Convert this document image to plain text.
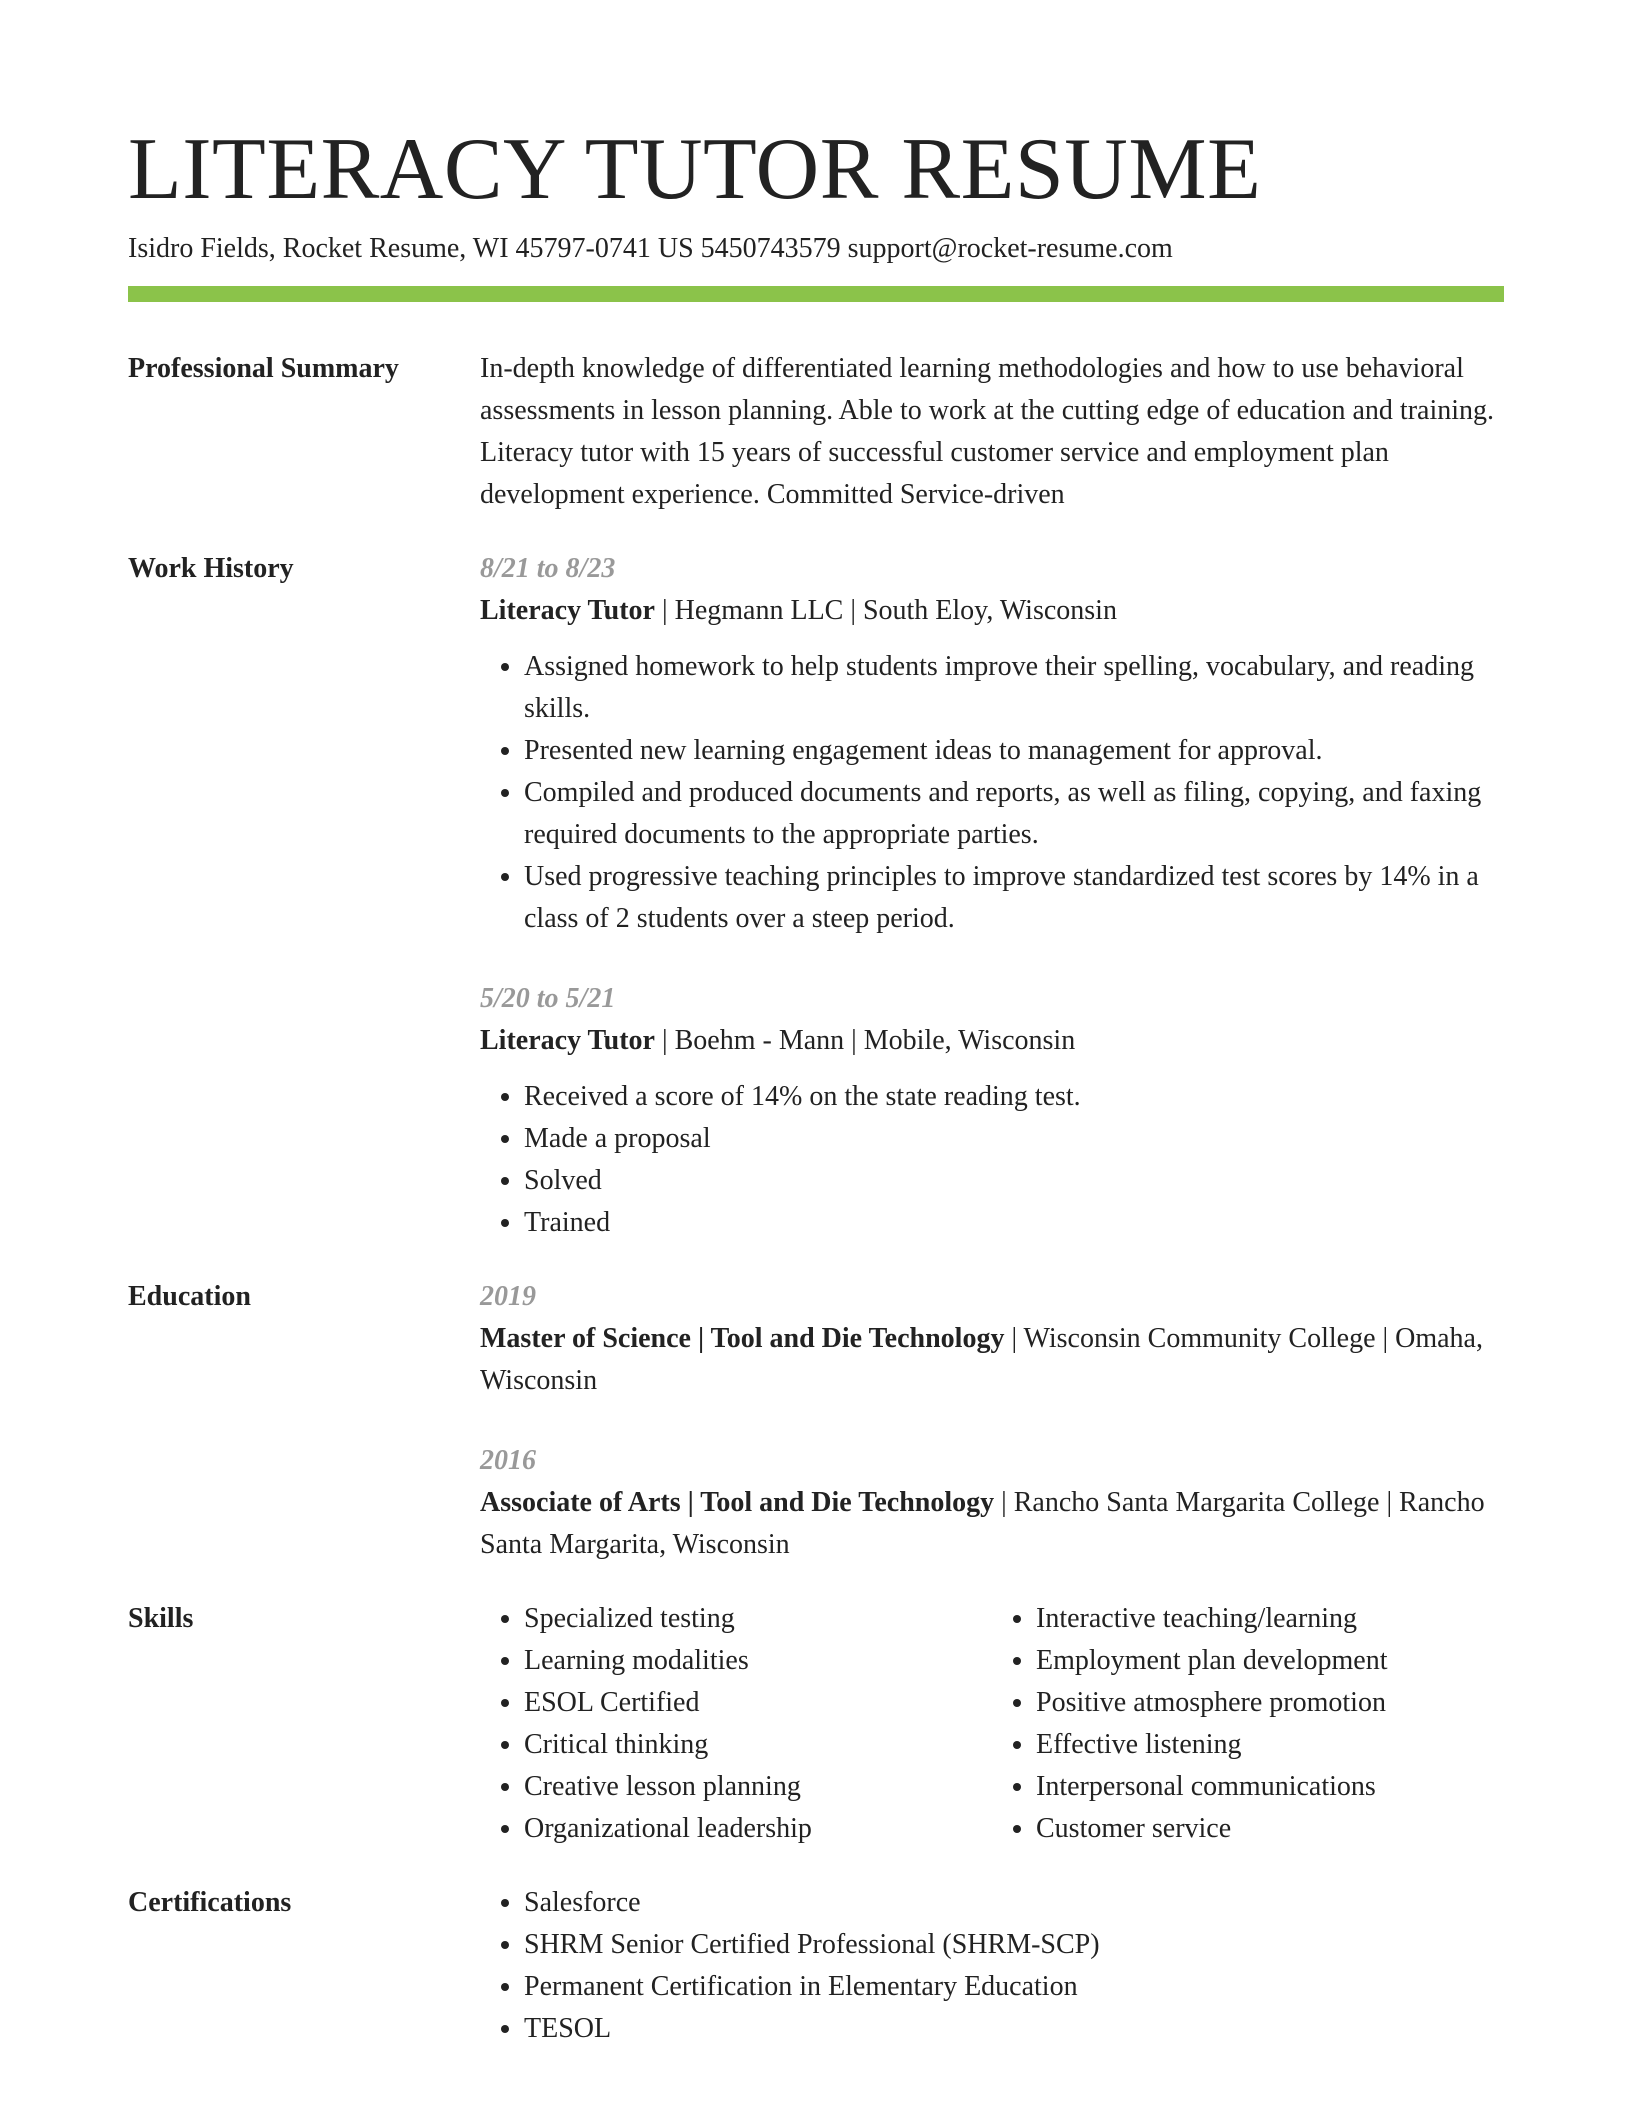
LITERACY TUTOR RESUME

Isidro Fields, Rocket Resume, WI 45797-0741 US 5450743579 support@rocket-resume.com

Professional Summary	In-depth knowledge of differentiated learning methodologies and how to use behavioral assessments in lesson planning. Able to work at the cutting edge of education and training. Literacy tutor with 15 years of successful customer service and employment plan development experience. Committed Service-driven

Work History	8/21 to 8/23
Literacy Tutor | Hegmann LLC | South Eloy, Wisconsin
• Assigned homework to help students improve their spelling, vocabulary, and reading skills.
• Presented new learning engagement ideas to management for approval.
• Compiled and produced documents and reports, as well as filing, copying, and faxing required documents to the appropriate parties.
• Used progressive teaching principles to improve standardized test scores by 14% in a class of 2 students over a steep period.
5/20 to 5/21
Literacy Tutor | Boehm - Mann | Mobile, Wisconsin
• Received a score of 14% on the state reading test.
• Made a proposal
• Solved
• Trained
Education	2019
Master of Science | Tool and Die Technology | Wisconsin Community College | Omaha, Wisconsin
2016
Associate of Arts | Tool and Die Technology | Rancho Santa Margarita College | Rancho Santa Margarita, Wisconsin
Skills	• Specialized testing
• Learning modalities
• ESOL Certified
• Critical thinking
• Creative lesson planning
• Organizational leadership
• Interactive teaching/learning
• Employment plan development
• Positive atmosphere promotion
• Effective listening
• Interpersonal communications
• Customer service
Certifications	• Salesforce
• SHRM Senior Certified Professional (SHRM-SCP)
• Permanent Certification in Elementary Education
• TESOL
